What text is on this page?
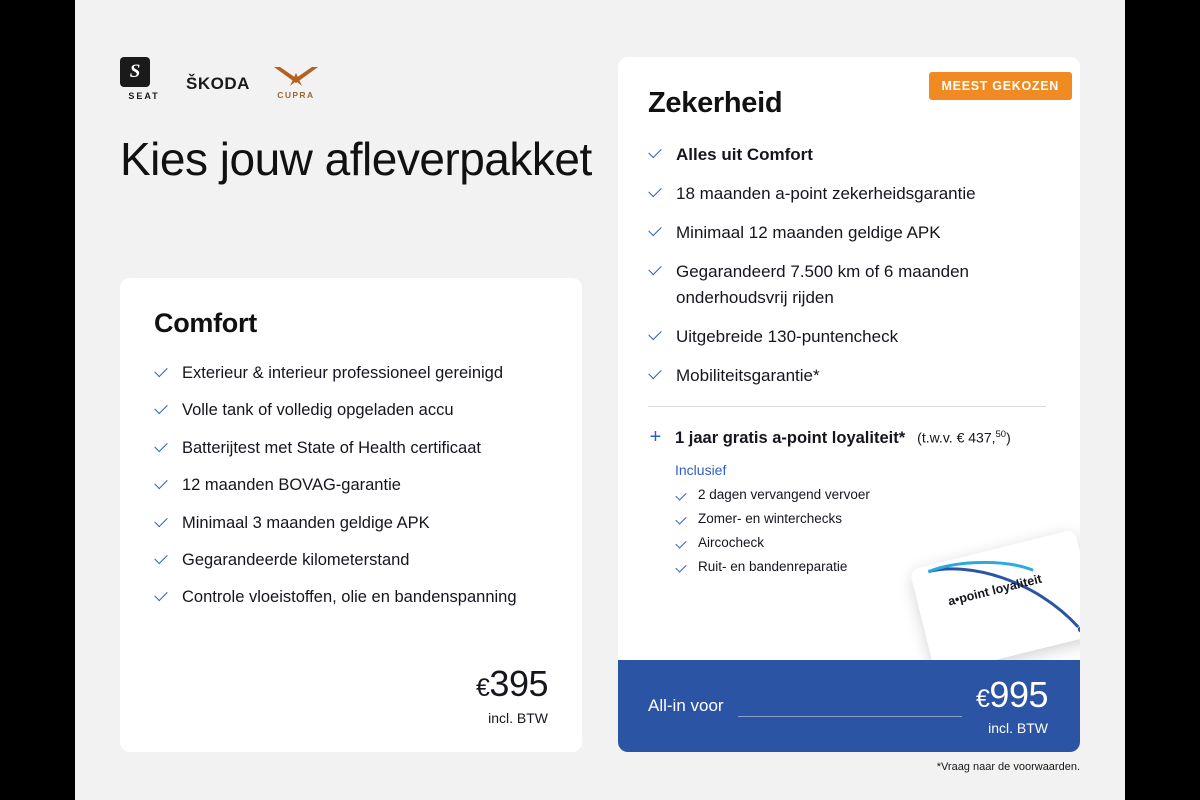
S
SEAT
ŠKODA
CUPRA
Kies jouw afleverpakket
Comfort
Exterieur & interieur professioneel gereinigd
Volle tank of volledig opgeladen accu
Batterijtest met State of Health certificaat
12 maanden BOVAG-garantie
Minimaal 3 maanden geldige APK
Gegarandeerde kilometerstand
Controle vloeistoffen, olie en bandenspanning
€395
incl. BTW
MEEST GEKOZEN
Zekerheid
Alles uit Comfort
18 maanden a-point zekerheidsgarantie
Minimaal 12 maanden geldige APK
Gegarandeerd 7.500 km of 6 maanden onderhoudsvrij rijden
Uitgebreide 130-puntencheck
Mobiliteitsgarantie*
+ 1 jaar gratis a-point loyaliteit* (t.w.v. € 437,50)
Inclusief
2 dagen vervangend vervoer
Zomer- en winterchecks
Aircocheck
Ruit- en bandenreparatie
a•point loyaliteit
All-in voor	€995
incl. BTW
*Vraag naar de voorwaarden.
